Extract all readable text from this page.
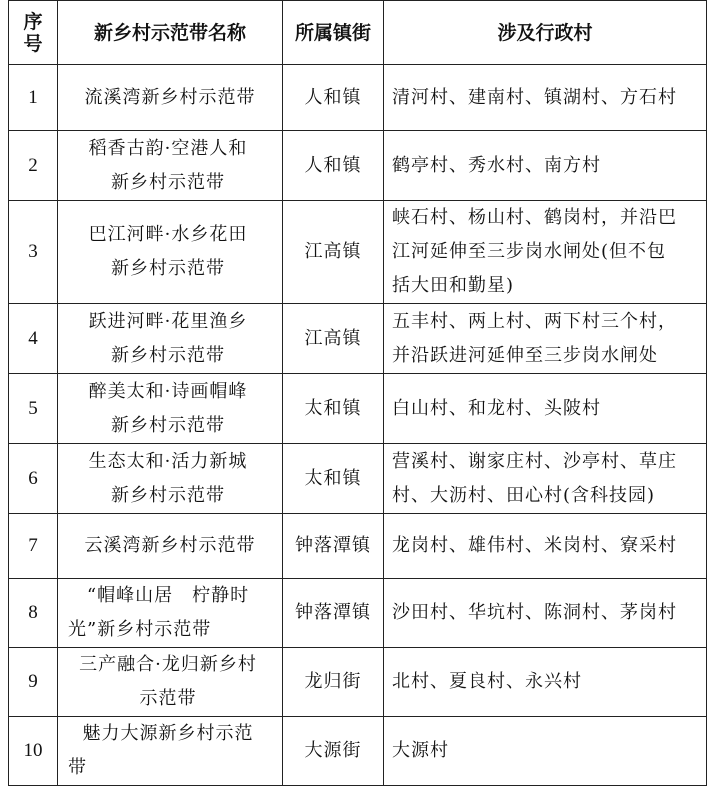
序
号	新乡村示范带名称	所属镇街	涉及行政村
1	流溪湾新乡村示范带	人和镇	清河村、建南村、镇湖村、方石村

2	稻香古韵·空港人和
新乡村示范带	人和镇	鹤亭村、秀水村、南方村

3	巴江河畔·水乡花田
新乡村示范带	江高镇	峡石村、杨山村、鹤岗村，并沿巴
江河延伸至三步岗水闸处(但不包
括大田和勤星)

4	跃进河畔·花里渔乡
新乡村示范带	江高镇	五丰村、两上村、两下村三个村，
并沿跃进河延伸至三步岗水闸处

5	醉美太和·诗画帽峰
新乡村示范带	太和镇	白山村、和龙村、头陂村

6	生态太和·活力新城
新乡村示范带	太和镇	营溪村、谢家庄村、沙亭村、草庄
村、大沥村、田心村(含科技园)

7	云溪湾新乡村示范带	钟落潭镇	龙岗村、雄伟村、米岗村、寮采村

8	“帽峰山居　柠静时
光”新乡村示范带	钟落潭镇	沙田村、华坑村、陈洞村、茅岗村

9	三产融合·龙归新乡村
示范带	龙归街	北村、夏良村、永兴村

10	魅力大源新乡村示范
带	大源街	大源村
